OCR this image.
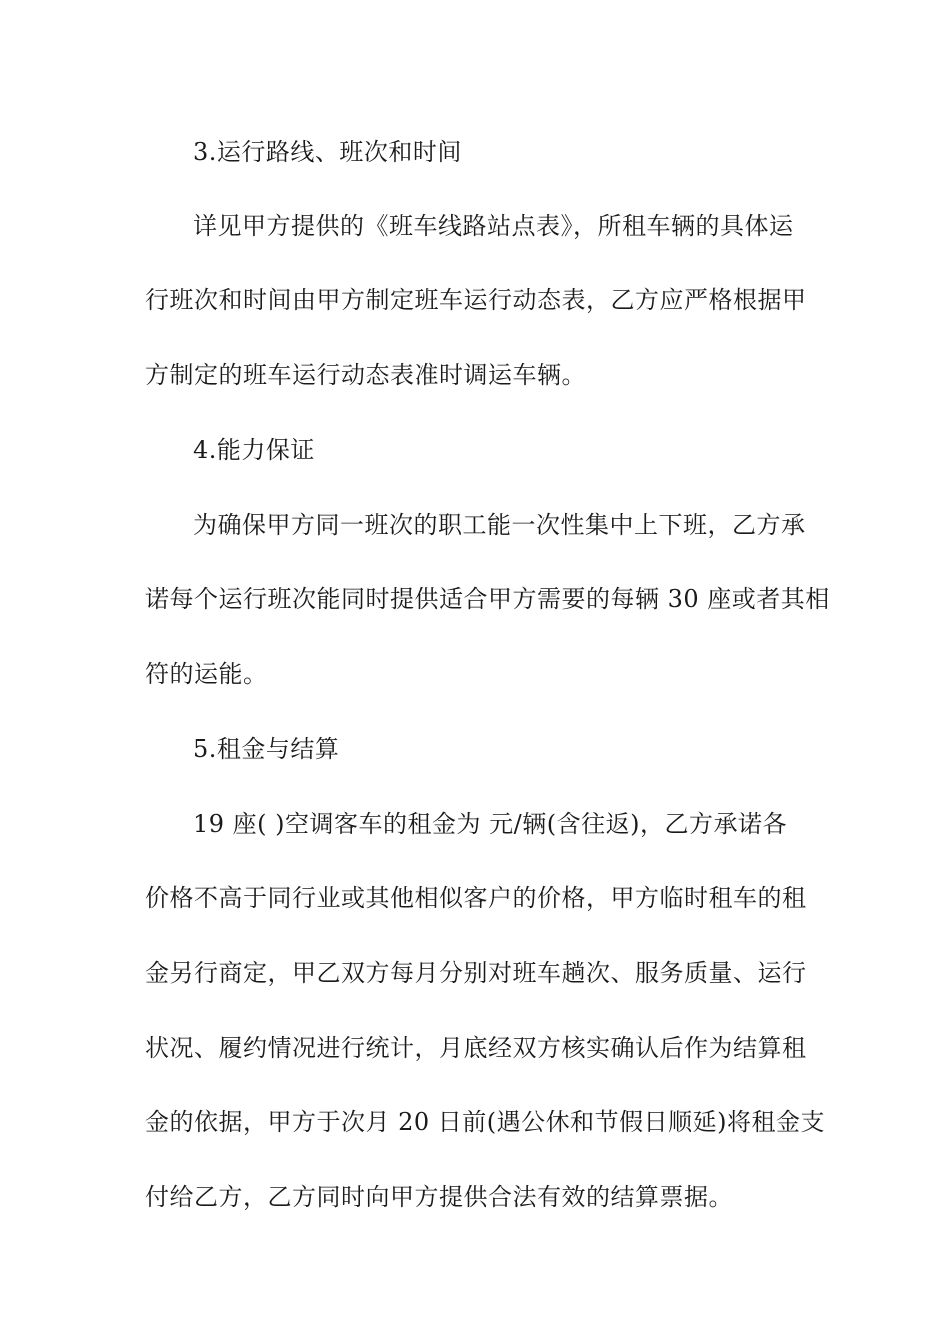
3.运行路线、班次和时间
详见甲方提供的《班车线路站点表》，所租车辆的具体运
行班次和时间由甲方制定班车运行动态表，乙方应严格根据甲
方制定的班车运行动态表准时调运车辆。
4.能力保证
为确保甲方同一班次的职工能一次性集中上下班，乙方承
诺每个运行班次能同时提供适合甲方需要的每辆 30 座或者其相
符的运能。
5.租金与结算
19 座( )空调客车的租金为 元/辆(含往返)，乙方承诺各
价格不高于同行业或其他相似客户的价格，甲方临时租车的租
金另行商定，甲乙双方每月分别对班车趟次、服务质量、运行
状况、履约情况进行统计，月底经双方核实确认后作为结算租
金的依据，甲方于次月 20 日前(遇公休和节假日顺延)将租金支
付给乙方，乙方同时向甲方提供合法有效的结算票据。
